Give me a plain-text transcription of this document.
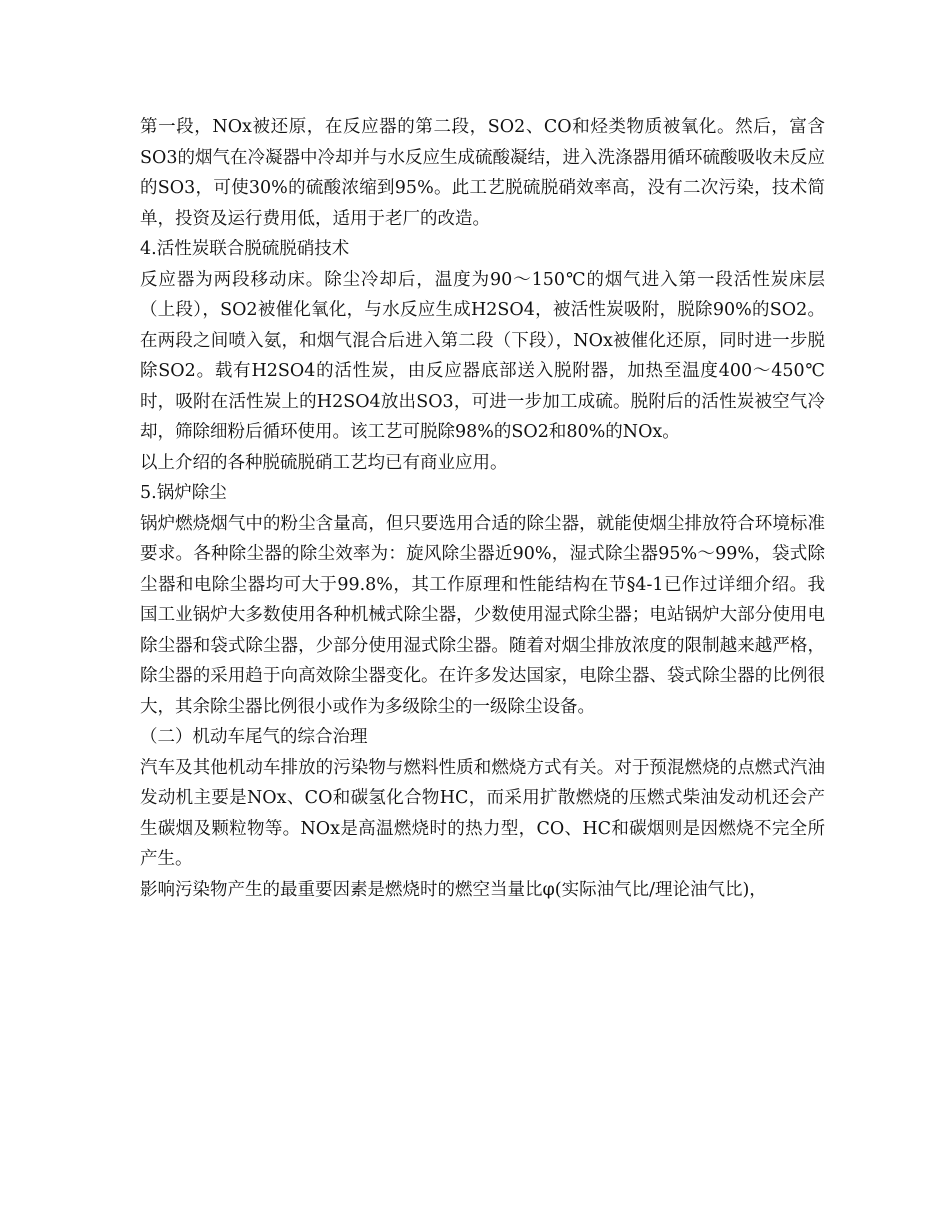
第一段，NOx被还原，在反应器的第二段，SO2、CO和烃类物质被氧化。然后，富含SO3的烟气在冷凝器中冷却并与水反应生成硫酸凝结，进入洗涤器用循环硫酸吸收未反应的SO3，可使30%的硫酸浓缩到95%。此工艺脱硫脱硝效率高，没有二次污染，技术简单，投资及运行费用低，适用于老厂的改造。

4.活性炭联合脱硫脱硝技术

反应器为两段移动床。除尘冷却后，温度为90～150℃的烟气进入第一段活性炭床层（上段），SO2被催化氧化，与水反应生成H2SO4，被活性炭吸附，脱除90%的SO2。在两段之间喷入氨，和烟气混合后进入第二段（下段），NOx被催化还原，同时进一步脱除SO2。载有H2SO4的活性炭，由反应器底部送入脱附器，加热至温度400～450℃时，吸附在活性炭上的H2SO4放出SO3，可进一步加工成硫。脱附后的活性炭被空气冷却，筛除细粉后循环使用。该工艺可脱除98%的SO2和80%的NOx。

以上介绍的各种脱硫脱硝工艺均已有商业应用。

5.锅炉除尘

锅炉燃烧烟气中的粉尘含量高，但只要选用合适的除尘器，就能使烟尘排放符合环境标准要求。各种除尘器的除尘效率为：旋风除尘器近90%，湿式除尘器95%～99%，袋式除尘器和电除尘器均可大于99.8%，其工作原理和性能结构在节§4-1已作过详细介绍。我国工业锅炉大多数使用各种机械式除尘器，少数使用湿式除尘器；电站锅炉大部分使用电除尘器和袋式除尘器，少部分使用湿式除尘器。随着对烟尘排放浓度的限制越来越严格，除尘器的采用趋于向高效除尘器变化。在许多发达国家，电除尘器、袋式除尘器的比例很大，其余除尘器比例很小或作为多级除尘的一级除尘设备。

（二）机动车尾气的综合治理

汽车及其他机动车排放的污染物与燃料性质和燃烧方式有关。对于预混燃烧的点燃式汽油发动机主要是NOx、CO和碳氢化合物HC，而采用扩散燃烧的压燃式柴油发动机还会产生碳烟及颗粒物等。NOx是高温燃烧时的热力型，CO、HC和碳烟则是因燃烧不完全所产生。

影响污染物产生的最重要因素是燃烧时的燃空当量比φ(实际油气比/理论油气比)，
